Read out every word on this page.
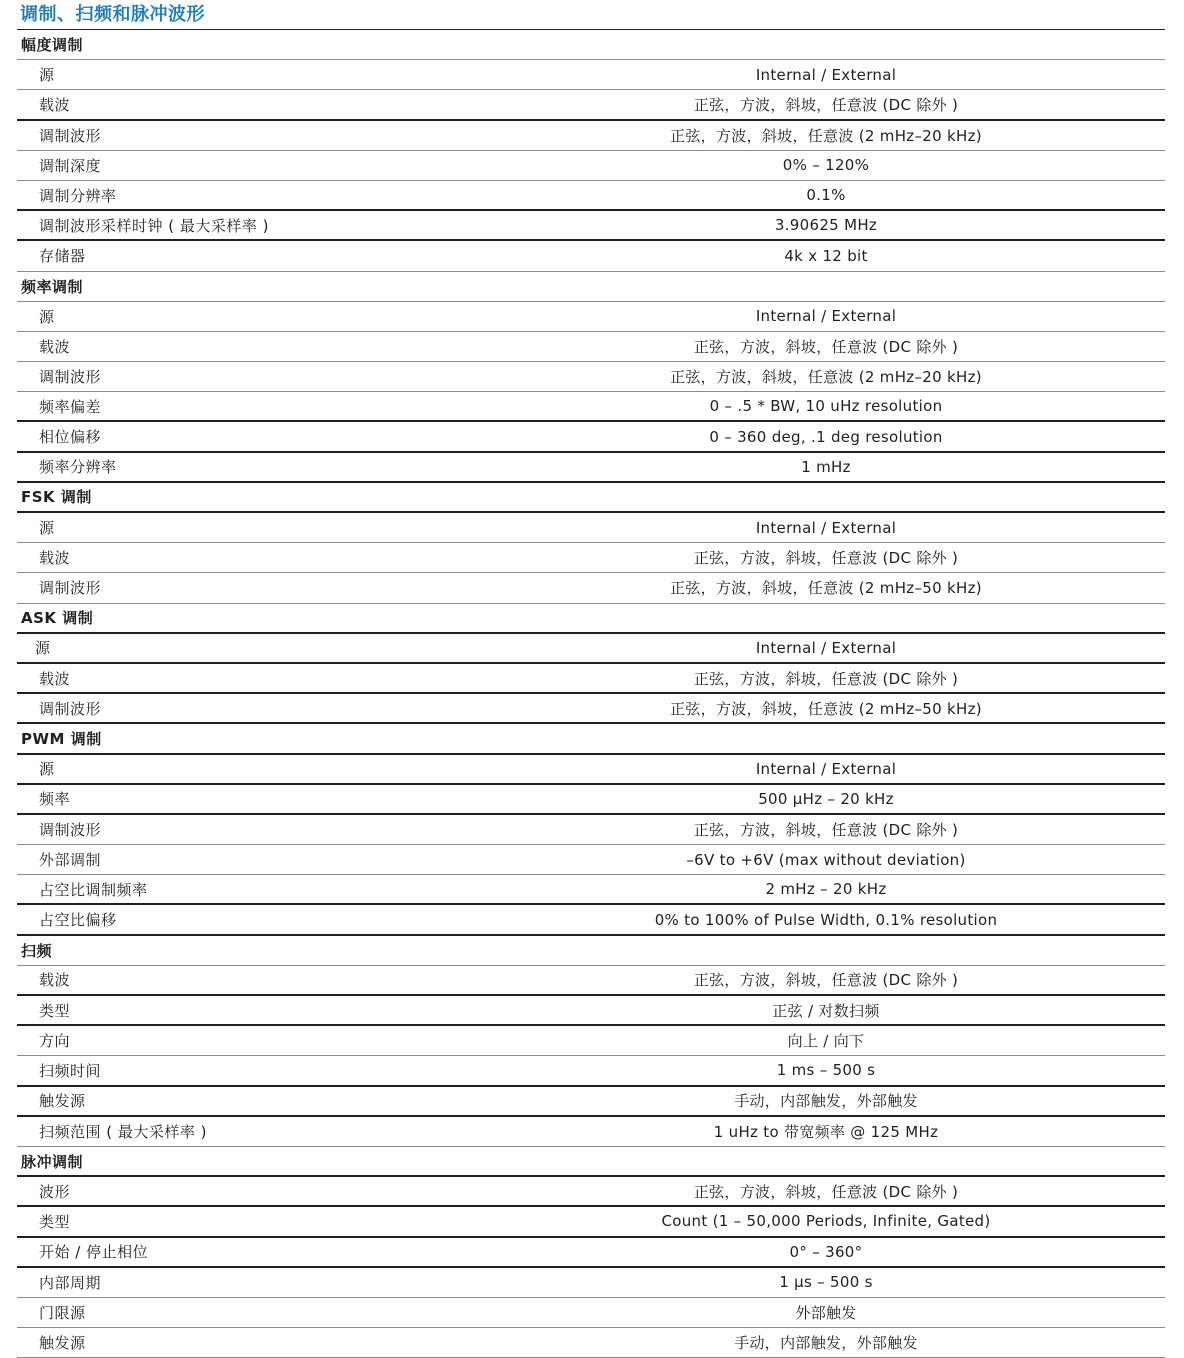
调制、扫频和脉冲波形
幅度调制
源	Internal / External
载波	正弦，方波，斜坡，任意波 (DC 除外 )
调制波形	正弦，方波，斜坡，任意波 (2 mHz–20 kHz)
调制深度	0% – 120%
调制分辨率	0.1%
调制波形采样时钟 ( 最大采样率 )	3.90625 MHz
存储器	4k x 12 bit
频率调制
源	Internal / External
载波	正弦，方波，斜坡，任意波 (DC 除外 )
调制波形	正弦，方波，斜坡，任意波 (2 mHz–20 kHz)
频率偏差	0 – .5 * BW, 10 uHz resolution
相位偏移	0 – 360 deg, .1 deg resolution
频率分辨率	1 mHz
FSK 调制
源	Internal / External
载波	正弦，方波，斜坡，任意波 (DC 除外 )
调制波形	正弦，方波，斜坡，任意波 (2 mHz–50 kHz)
ASK 调制
源	Internal / External
载波	正弦，方波，斜坡，任意波 (DC 除外 )
调制波形	正弦，方波，斜坡，任意波 (2 mHz–50 kHz)
PWM 调制
源	Internal / External
频率	500 μHz – 20 kHz
调制波形	正弦，方波，斜坡，任意波 (DC 除外 )
外部调制	–6V to +6V (max without deviation)
占空比调制频率	2 mHz – 20 kHz
占空比偏移	0% to 100% of Pulse Width, 0.1% resolution
扫频
载波	正弦，方波，斜坡，任意波 (DC 除外 )
类型	正弦 / 对数扫频
方向	向上 / 向下
扫频时间	1 ms – 500 s
触发源	手动，内部触发，外部触发
扫频范围 ( 最大采样率 )	1 uHz to 带宽频率 @ 125 MHz
脉冲调制
波形	正弦，方波，斜坡，任意波 (DC 除外 )
类型	Count (1 – 50,000 Periods, Infinite, Gated)
开始 / 停止相位	0° – 360°
内部周期	1 μs – 500 s
门限源	外部触发
触发源	手动，内部触发，外部触发
